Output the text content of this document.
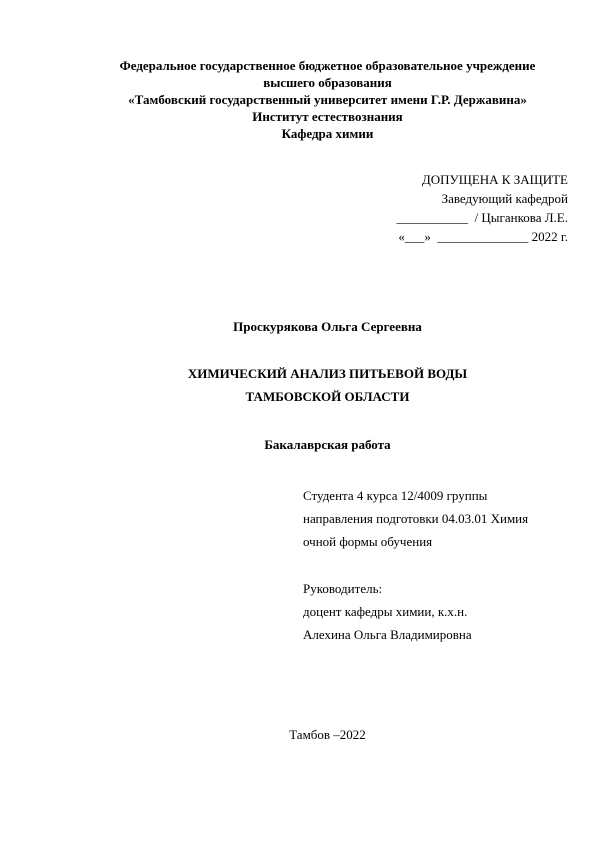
Федеральное государственное бюджетное образовательное учреждение
высшего образования
«Тамбовский государственный университет имени Г.Р. Державина»
Институт естествознания
Кафедра химии
ДОПУЩЕНА К ЗАЩИТЕ
Заведующий кафедрой
___________  / Цыганкова Л.Е.
«___»  ______________ 2022 г.
Проскурякова Ольга Сергеевна
ХИМИЧЕСКИЙ АНАЛИЗ ПИТЬЕВОЙ ВОДЫ
ТАМБОВСКОЙ ОБЛАСТИ
Бакалаврская работа
Студента 4 курса 12/4009 группы
направления подготовки 04.03.01 Химия
очной формы обучения
Руководитель:
доцент кафедры химии, к.х.н.
Алехина Ольга Владимировна
Тамбов –2022
